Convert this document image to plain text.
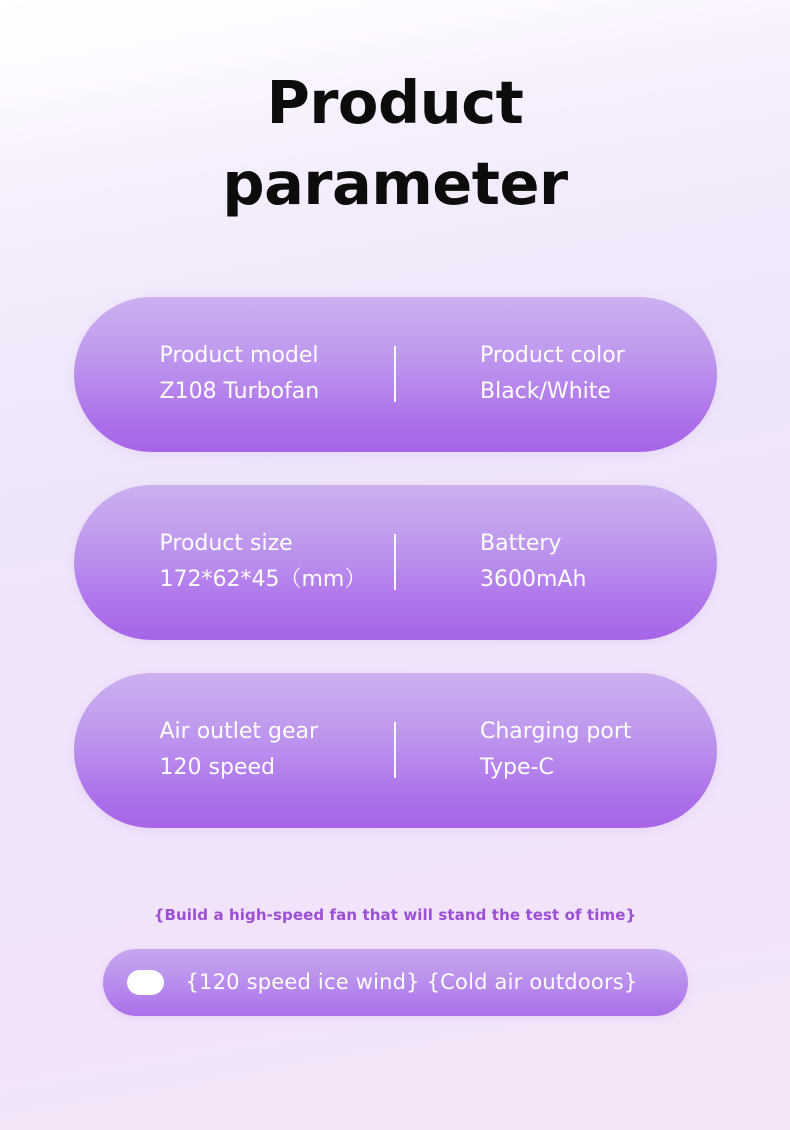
Product
parameter
Product model
Z108 Turbofan
Product color
Black/White
Product size
172*62*45（mm）
Battery
3600mAh
Air outlet gear
120 speed
Charging port
Type-C
{Build a high-speed fan that will stand the test of time}
{120 speed ice wind} {Cold air outdoors}
